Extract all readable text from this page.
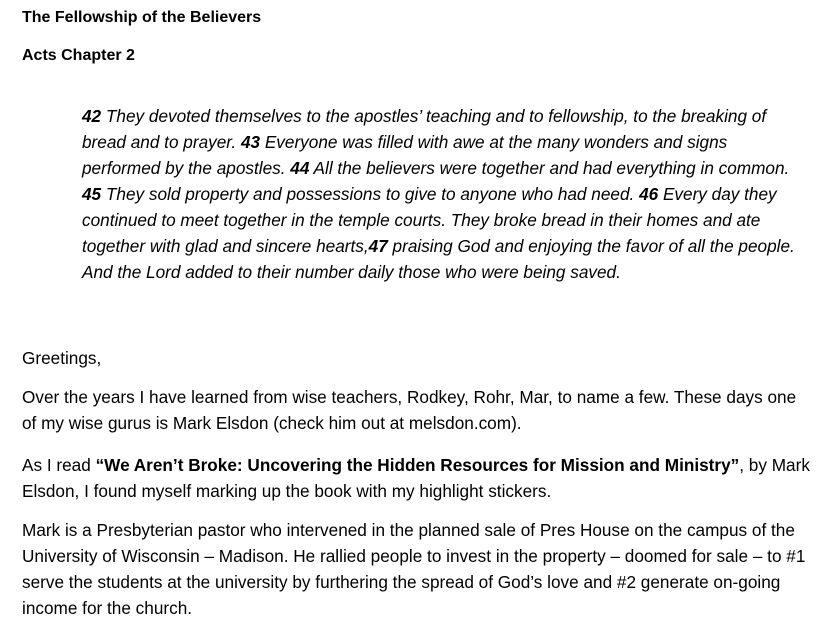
The Fellowship of the Believers
Acts Chapter 2
42 They devoted themselves to the apostles’ teaching and to fellowship, to the breaking of bread and to prayer. 43 Everyone was filled with awe at the many wonders and signs performed by the apostles. 44 All the believers were together and had everything in common. 45 They sold property and possessions to give to anyone who had need. 46 Every day they continued to meet together in the temple courts. They broke bread in their homes and ate together with glad and sincere hearts,47 praising God and enjoying the favor of all the people. And the Lord added to their number daily those who were being saved.
Greetings,
Over the years I have learned from wise teachers, Rodkey, Rohr, Mar, to name a few. These days one of my wise gurus is Mark Elsdon (check him out at melsdon.com).
As I read “We Aren’t Broke: Uncovering the Hidden Resources for Mission and Ministry”, by Mark Elsdon, I found myself marking up the book with my highlight stickers.
Mark is a Presbyterian pastor who intervened in the planned sale of Pres House on the campus of the University of Wisconsin – Madison. He rallied people to invest in the property – doomed for sale – to #1 serve the students at the university by furthering the spread of God’s love and #2 generate on-going income for the church.
